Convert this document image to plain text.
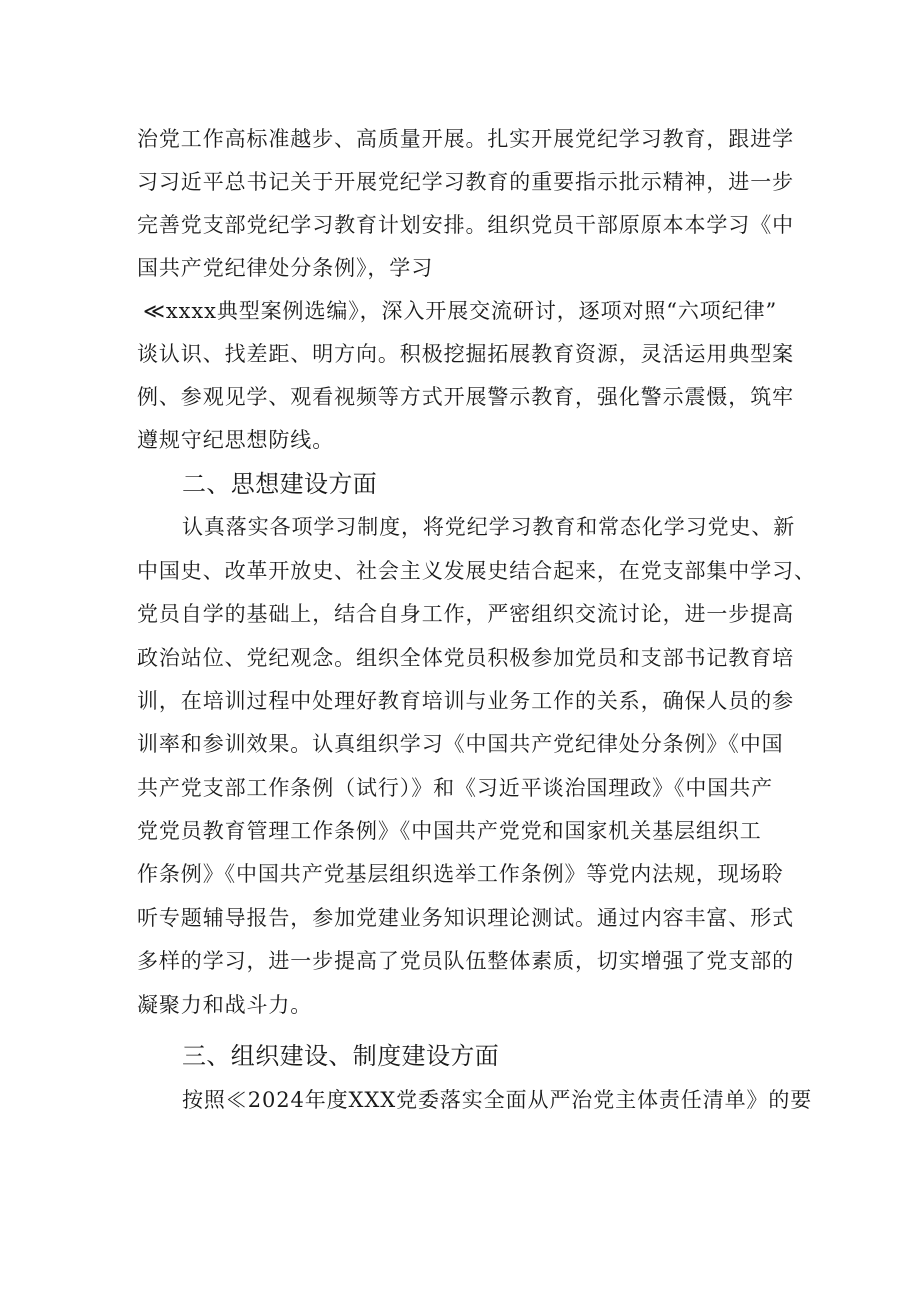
治党工作高标准越步、高质量开展。扎实开展党纪学习教育，跟进学
习习近平总书记关于开展党纪学习教育的重要指示批示精神，进一步
完善党支部党纪学习教育计划安排。组织党员干部原原本本学习《中
国共产党纪律处分条例》，学习
≪xxxx典型案例选编》，深入开展交流研讨，逐项对照“六项纪律”
谈认识、找差距、明方向。积极挖掘拓展教育资源，灵活运用典型案
例、参观见学、观看视频等方式开展警示教育，强化警示震慑，筑牢
遵规守纪思想防线。
二、思想建设方面
认真落实各项学习制度，将党纪学习教育和常态化学习党史、新
中国史、改革开放史、社会主义发展史结合起来，在党支部集中学习、
党员自学的基础上，结合自身工作，严密组织交流讨论，进一步提高
政治站位、党纪观念。组织全体党员积极参加党员和支部书记教育培
训，在培训过程中处理好教育培训与业务工作的关系，确保人员的参
训率和参训效果。认真组织学习《中国共产党纪律处分条例》《中国
共产党支部工作条例（试行）》和《习近平谈治国理政》《中国共产
党党员教育管理工作条例》《中国共产党党和国家机关基层组织工
作条例》《中国共产党基层组织选举工作条例》等党内法规，现场聆
听专题辅导报告，参加党建业务知识理论测试。通过内容丰富、形式
多样的学习，进一步提高了党员队伍整体素质，切实增强了党支部的
凝聚力和战斗力。
三、组织建设、制度建设方面
按照≪2024年度XXX党委落实全面从严治党主体责任清单》的要
